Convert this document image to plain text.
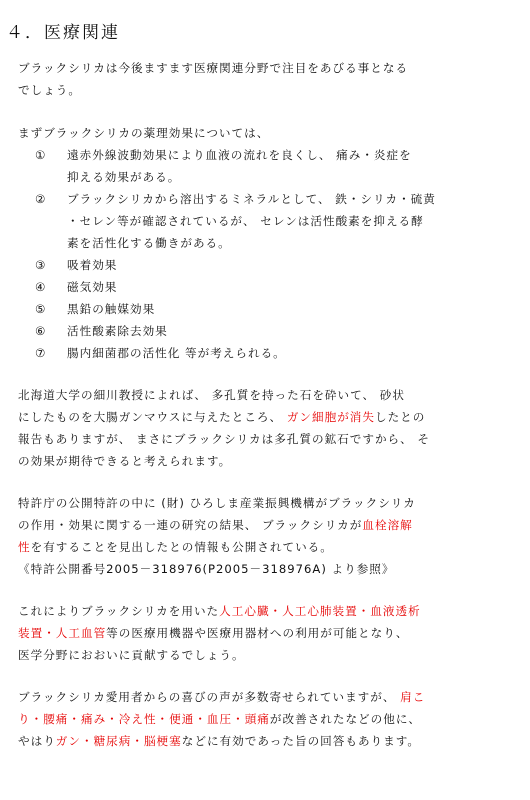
４．医療関連
ブラックシリカは今後ますます医療関連分野で注目をあびる事となる
でしょう。
まずブラックシリカの薬理効果については、
① 遠赤外線波動効果により血液の流れを良くし、 痛み・炎症を
抑える効果がある。
② ブラックシリカから溶出するミネラルとして、 鉄・シリカ・硫黄
・セレン等が確認されているが、 セレンは活性酸素を抑える酵
素を活性化する働きがある。
③ 吸着効果
④ 磁気効果
⑤ 黒鉛の触媒効果
⑥ 活性酸素除去効果
⑦ 腸内細菌郡の活性化 等が考えられる。
北海道大学の細川教授によれば、 多孔質を持った石を砕いて、 砂状
にしたものを大腸ガンマウスに与えたところ、 ガン細胞が消失したとの
報告もありますが、 まさにブラックシリカは多孔質の鉱石ですから、 そ
の効果が期待できると考えられます。
特許庁の公開特許の中に (財) ひろしま産業振興機構がブラックシリカ
の作用・効果に関する一連の研究の結果、 ブラックシリカが血栓溶解
性を有することを見出したとの情報も公開されている。
《特許公開番号2005－318976(P2005－318976A) より参照》
これによりブラックシリカを用いた人工心臓・人工心肺装置・血液透析
装置・人工血管等の医療用機器や医療用器材への利用が可能となり、
医学分野におおいに貢献するでしょう。
ブラックシリカ愛用者からの喜びの声が多数寄せられていますが、 肩こ
り・腰痛・痛み・冷え性・便通・血圧・頭痛が改善されたなどの他に、
やはりガン・糖尿病・脳梗塞などに有効であった旨の回答もあります。
